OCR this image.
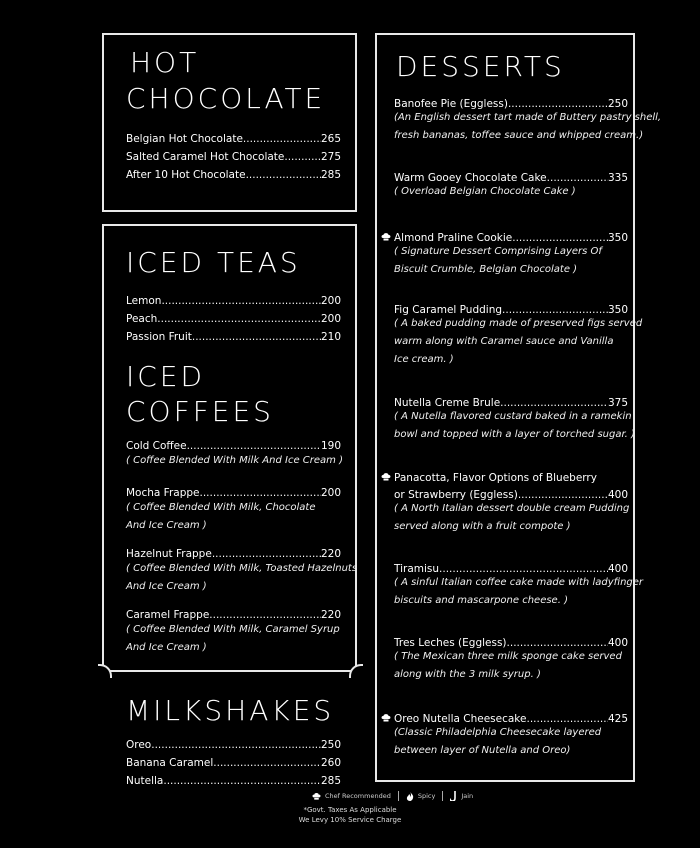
HOT
CHOCOLATE
Belgian Hot Chocolate .....	265
Salted Caramel Hot Chocolate .....	275
After 10 Hot Chocolate .....	285
ICED TEAS
Lemon .....	200
Peach .....	200
Passion Fruit .....	210
ICED
COFFEES
Cold Coffee .....	190
( Coffee Blended With Milk And Ice Cream )
Mocha Frappe .....	200
( Coffee Blended With Milk, Chocolate
And Ice Cream )
Hazelnut Frappe .....	220
( Coffee Blended With Milk, Toasted Hazelnuts
And Ice Cream )
Caramel Frappe .....	220
( Coffee Blended With Milk, Caramel Syrup
And Ice Cream )
MILKSHAKES
Oreo .....	250
Banana Caramel .....	260
Nutella .....	285
DESSERTS
Banofee Pie (Eggless) .....	250
(An English dessert tart made of Buttery pastry shell,
fresh bananas, toffee sauce and whipped cream.)
Warm Gooey Chocolate Cake .....	335
( Overload Belgian Chocolate Cake )
Almond Praline Cookie .....	350
( Signature Dessert Comprising Layers Of
Biscuit Crumble, Belgian Chocolate )
Fig Caramel Pudding .....	350
( A baked pudding made of preserved figs served
warm along with Caramel sauce and Vanilla
Ice cream. )
Nutella Creme Brule .....	375
( A Nutella flavored custard baked in a ramekin
bowl and topped with a layer of torched sugar. )
Panacotta, Flavor Options of Blueberry
or Strawberry (Eggless) .....	400
( A North Italian dessert double cream Pudding
served along with a fruit compote )
Tiramisu .....	400
( A sinful Italian coffee cake made with ladyfinger
biscuits and mascarpone cheese. )
Tres Leches (Eggless) .....	400
( The Mexican three milk sponge cake served
along with the 3 milk syrup. )
Oreo Nutella Cheesecake .....	425
(Classic Philadelphia Cheesecake layered
between layer of Nutella and Oreo)
Chef Recommended	Spicy	Jain
*Govt. Taxes As Applicable
We Levy 10% Service Charge
